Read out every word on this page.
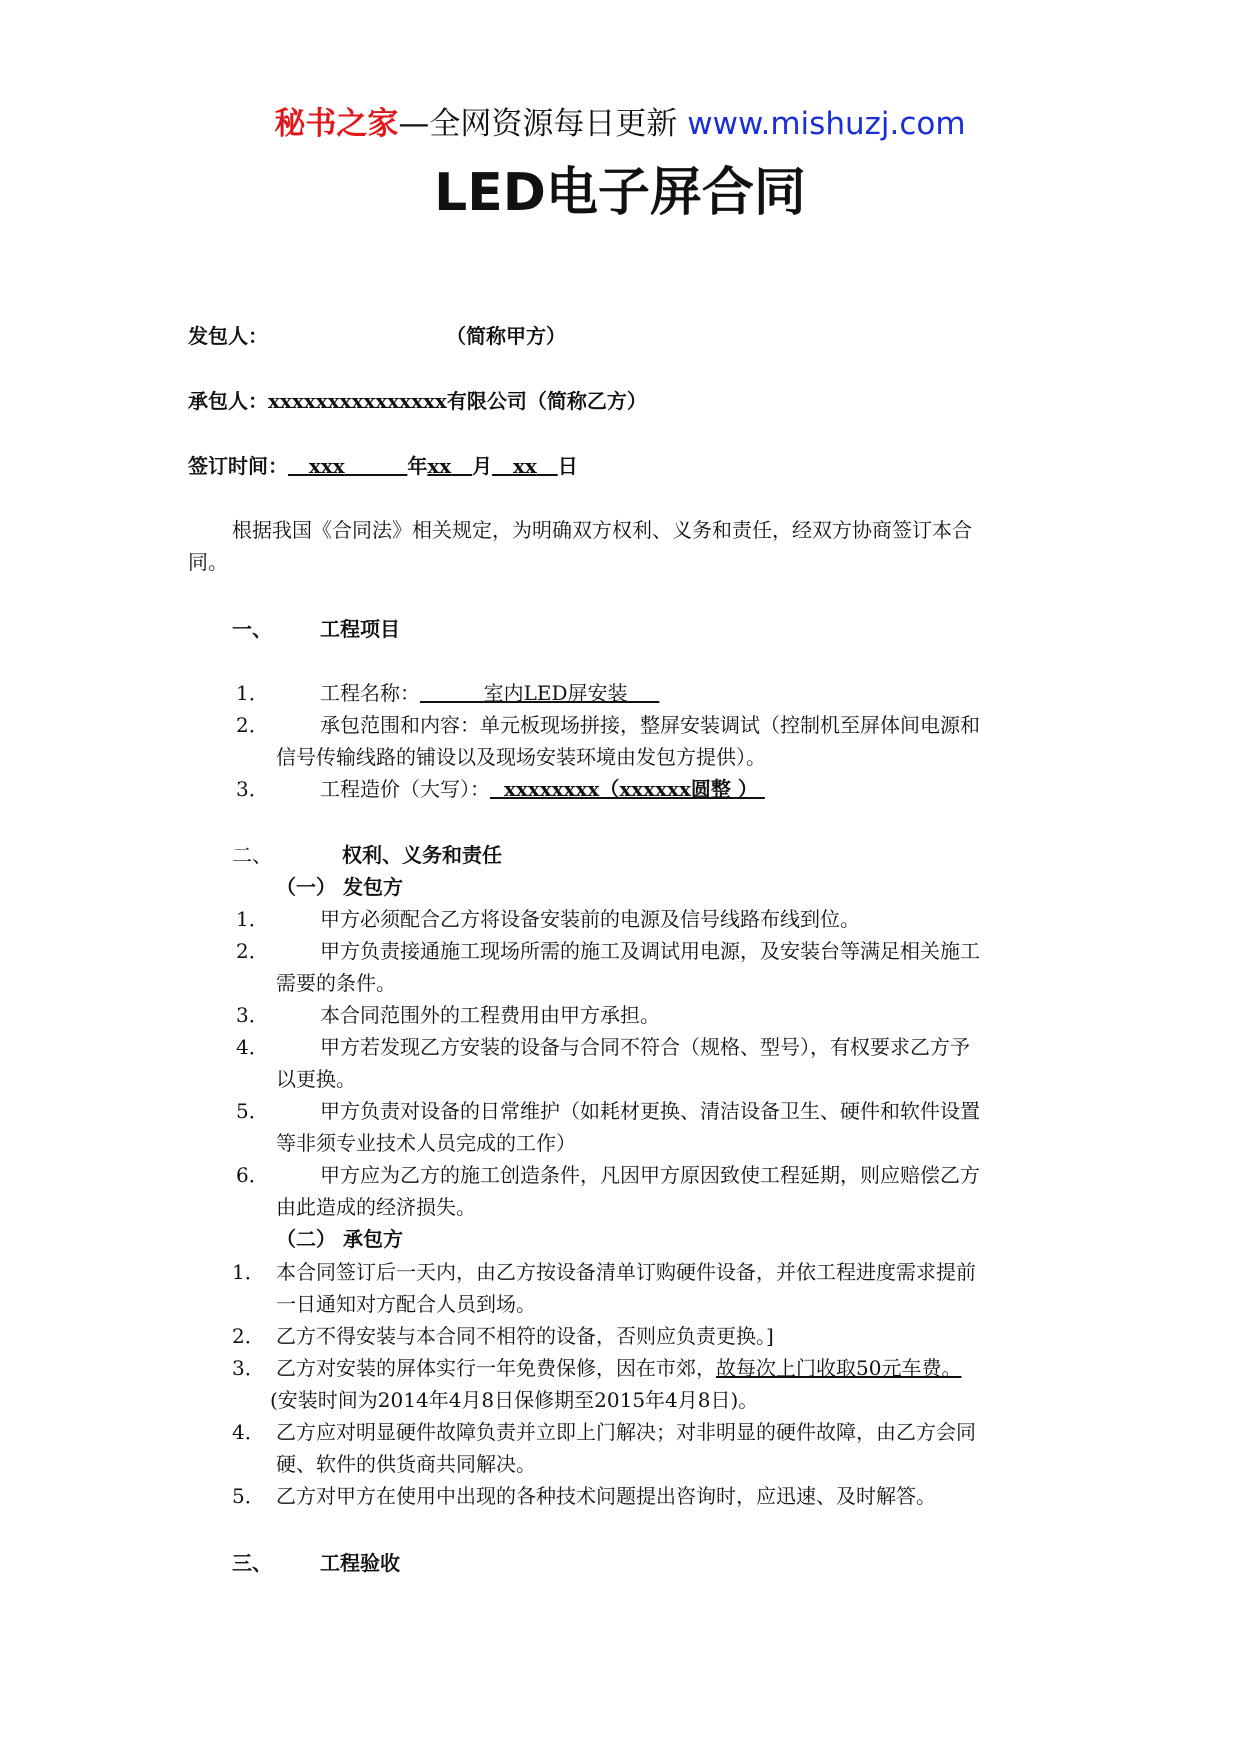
秘书之家—全网资源每日更新 www.mishuzj.com
LED电子屏合同
发包人：	（简称甲方）
承包人：xxxxxxxxxxxxxxx有限公司（简称乙方）
签订时间： xxx	年xx 月 xx 日
根据我国《合同法》相关规定，为明确双方权利、义务和责任，经双方协商签订本合
同。
一、 工程项目
1．	工程名称：	室内LED屏安装
2．	承包范围和内容：单元板现场拼接，整屏安装调试（控制机至屏体间电源和
信号传输线路的铺设以及现场安装环境由发包方提供）。
3．	工程造价（大写）： xxxxxxxx（xxxxxx圆整 ）
二、	权利、义务和责任
（一） 发包方
1．	甲方必须配合乙方将设备安装前的电源及信号线路布线到位。
2．	甲方负责接通施工现场所需的施工及调试用电源，及安装台等满足相关施工
需要的条件。
3．	本合同范围外的工程费用由甲方承担。
4．	甲方若发现乙方安装的设备与合同不符合（规格、型号），有权要求乙方予
以更换。
5．	甲方负责对设备的日常维护（如耗材更换、清洁设备卫生、硬件和软件设置
等非须专业技术人员完成的工作）
6．	甲方应为乙方的施工创造条件，凡因甲方原因致使工程延期，则应赔偿乙方
由此造成的经济损失。
（二） 承包方
1． 本合同签订后一天内，由乙方按设备清单订购硬件设备，并依工程进度需求提前
一日通知对方配合人员到场。
2． 乙方不得安装与本合同不相符的设备，否则应负责更换。]
3． 乙方对安装的屏体实行一年免费保修，因在市郊，故每次上门收取50元车费。
(安装时间为2014年4月8日保修期至2015年4月8日)。
4． 乙方应对明显硬件故障负责并立即上门解决；对非明显的硬件故障，由乙方会同
硬、软件的供货商共同解决。
5． 乙方对甲方在使用中出现的各种技术问题提出咨询时，应迅速、及时解答。
三、 工程验收
